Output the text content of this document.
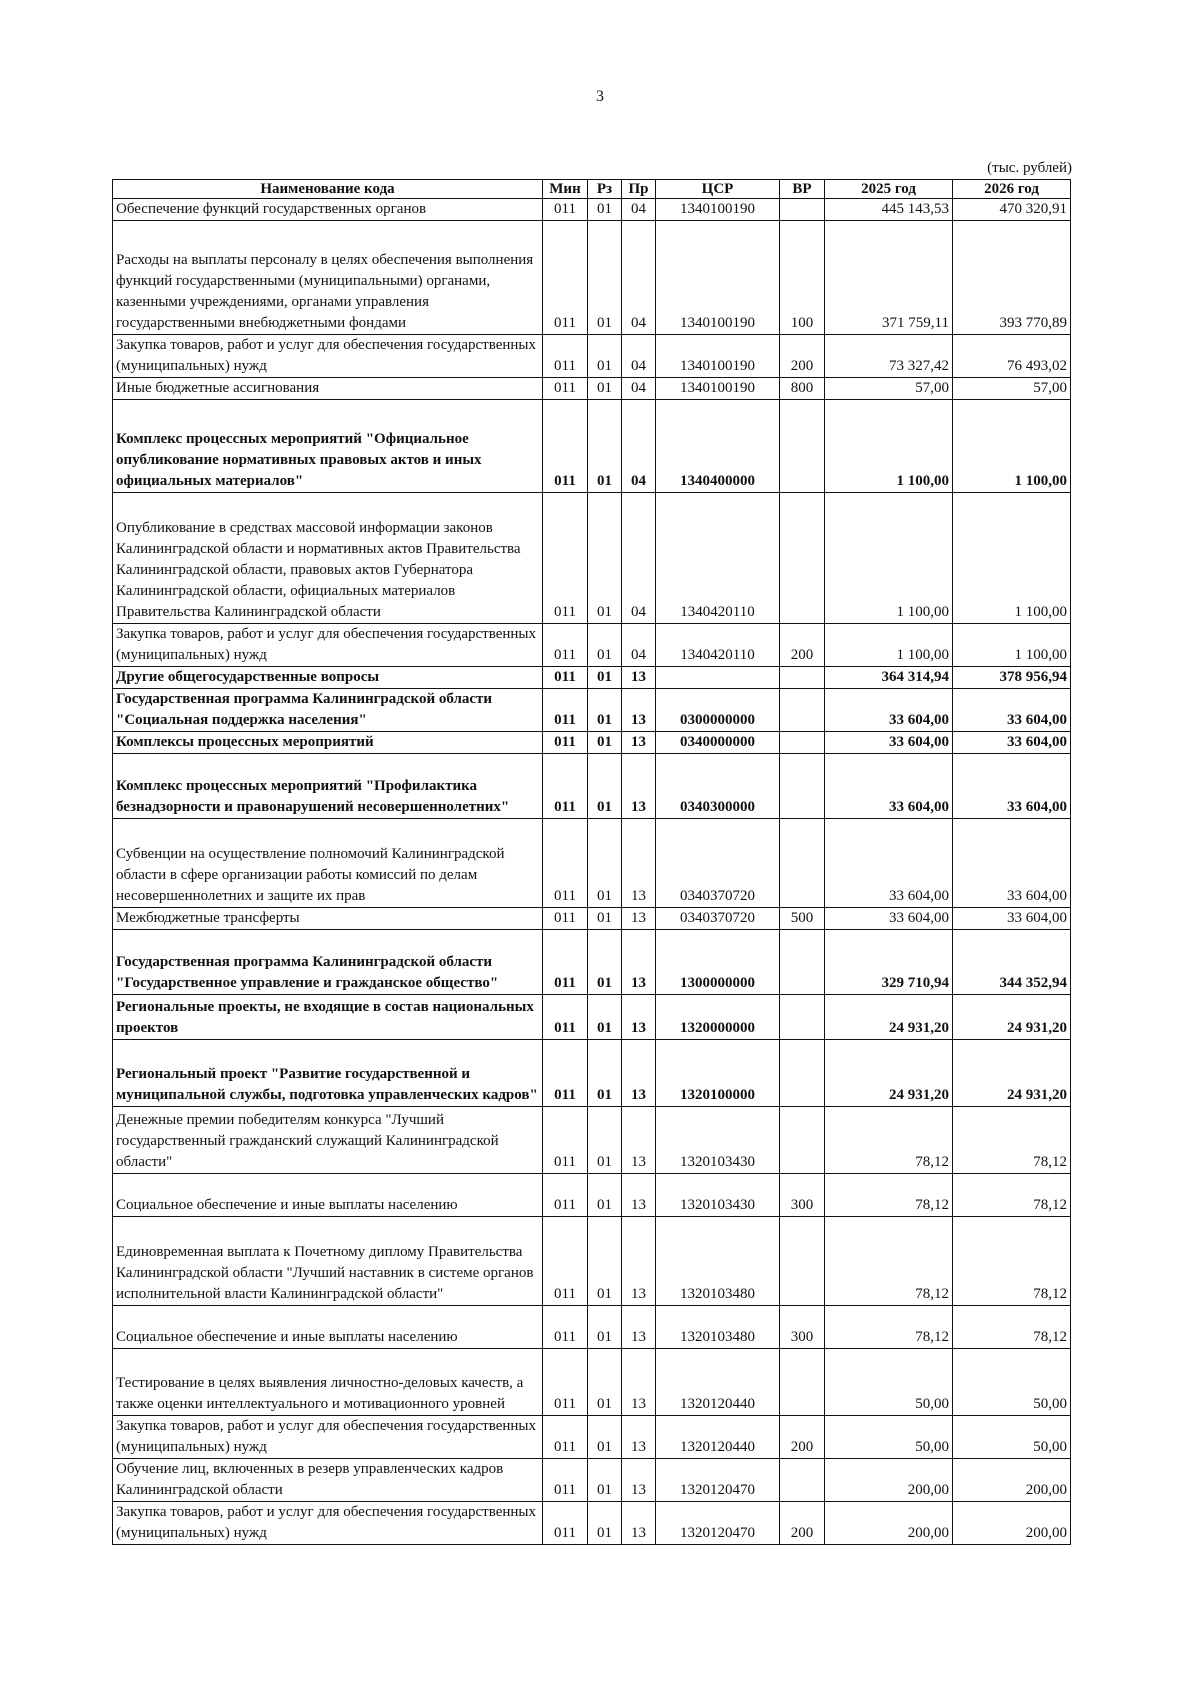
3
(тыс. рублей)
Наименование кода	Мин	Рз	Пр	ЦСР	ВР	2025 год	2026 год
Обеспечение функций государственных органов	011	01	04	1340100190		445 143,53	470 320,91
Расходы на выплаты персоналу в целях обеспечения выполнения функций государственными (муниципальными) органами, казенными учреждениями, органами управления государственными внебюджетными фондами	011	01	04	1340100190	100	371 759,11	393 770,89
Закупка товаров, работ и услуг для обеспечения государственных (муниципальных) нужд	011	01	04	1340100190	200	73 327,42	76 493,02
Иные бюджетные ассигнования	011	01	04	1340100190	800	57,00	57,00
Комплекс процессных мероприятий "Официальное опубликование нормативных правовых актов и иных официальных материалов"	011	01	04	1340400000		1 100,00	1 100,00
Опубликование в средствах массовой информации законов Калининградской области и нормативных актов Правительства Калининградской области, правовых актов Губернатора Калининградской области, официальных материалов Правительства Калининградской области	011	01	04	1340420110		1 100,00	1 100,00
Закупка товаров, работ и услуг для обеспечения государственных (муниципальных) нужд	011	01	04	1340420110	200	1 100,00	1 100,00
Другие общегосударственные вопросы	011	01	13			364 314,94	378 956,94
Государственная программа Калининградской области "Социальная поддержка населения"	011	01	13	0300000000		33 604,00	33 604,00
Комплексы процессных мероприятий	011	01	13	0340000000		33 604,00	33 604,00
Комплекс процессных мероприятий "Профилактика безнадзорности и правонарушений несовершеннолетних"	011	01	13	0340300000		33 604,00	33 604,00
Субвенции на осуществление полномочий Калининградской области в сфере организации работы комиссий по делам несовершеннолетних и защите их прав	011	01	13	0340370720		33 604,00	33 604,00
Межбюджетные трансферты	011	01	13	0340370720	500	33 604,00	33 604,00
Государственная программа Калининградской области "Государственное управление и гражданское общество"	011	01	13	1300000000		329 710,94	344 352,94
Региональные проекты, не входящие в состав национальных проектов	011	01	13	1320000000		24 931,20	24 931,20
Региональный проект "Развитие государственной и муниципальной службы, подготовка управленческих кадров"	011	01	13	1320100000		24 931,20	24 931,20
Денежные премии победителям конкурса "Лучший государственный гражданский служащий Калининградской области"	011	01	13	1320103430		78,12	78,12
Социальное обеспечение и иные выплаты населению	011	01	13	1320103430	300	78,12	78,12
Единовременная выплата к Почетному диплому Правительства Калининградской области "Лучший наставник в системе органов исполнительной власти Калининградской области"	011	01	13	1320103480		78,12	78,12
Социальное обеспечение и иные выплаты населению	011	01	13	1320103480	300	78,12	78,12
Тестирование в целях выявления личностно-деловых качеств, а также оценки интеллектуального и мотивационного уровней	011	01	13	1320120440		50,00	50,00
Закупка товаров, работ и услуг для обеспечения государственных (муниципальных) нужд	011	01	13	1320120440	200	50,00	50,00
Обучение лиц, включенных в резерв управленческих кадров Калининградской области	011	01	13	1320120470		200,00	200,00
Закупка товаров, работ и услуг для обеспечения государственных (муниципальных) нужд	011	01	13	1320120470	200	200,00	200,00
